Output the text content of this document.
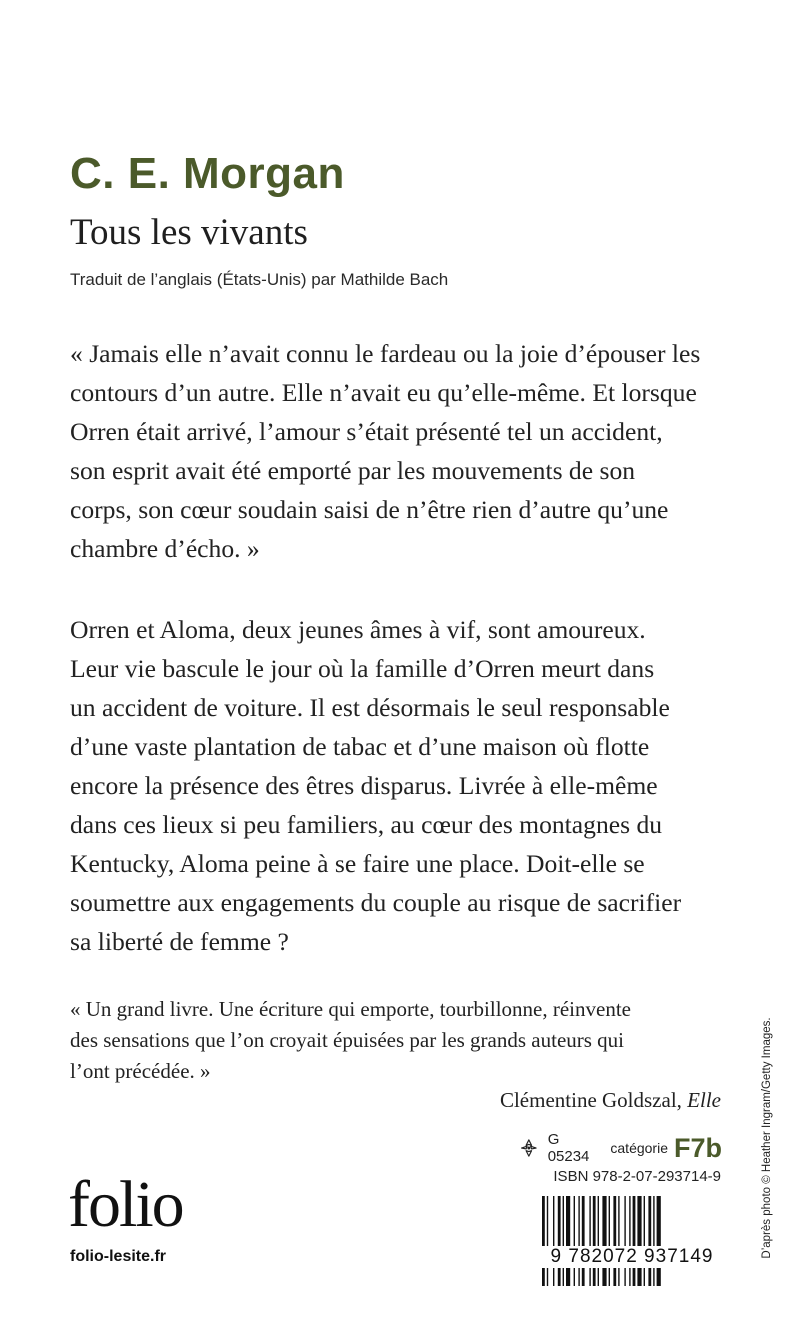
C. E. Morgan
Tous les vivants
Traduit de l’anglais (États-Unis) par Mathilde Bach

« Jamais elle n’avait connu le fardeau ou la joie d’épouser les
contours d’un autre. Elle n’avait eu qu’elle-même. Et lorsque
Orren était arrivé, l’amour s’était présenté tel un accident,
son esprit avait été emporté par les mouvements de son
corps, son cœur soudain saisi de n’être rien d’autre qu’une
chambre d’écho. »

Orren et Aloma, deux jeunes âmes à vif, sont amoureux.
Leur vie bascule le jour où la famille d’Orren meurt dans
un accident de voiture. Il est désormais le seul responsable
d’une vaste plantation de tabac et d’une maison où flotte
encore la présence des êtres disparus. Livrée à elle-même
dans ces lieux si peu familiers, au cœur des montagnes du
Kentucky, Aloma peine à se faire une place. Doit-elle se
soumettre aux engagements du couple au risque de sacrifier
sa liberté de femme ?

« Un grand livre. Une écriture qui emporte, tourbillonne, réinvente
des sensations que l’on croyait épuisées par les grands auteurs qui
l’ont précédée. »

Clémentine Goldszal, Elle
G 05234	catégorie F7b
ISBN 978-2-07-293714-9
9 782072 937149
folio
folio-lesite.fr	D’après photo © Heather Ingram/Getty Images.
